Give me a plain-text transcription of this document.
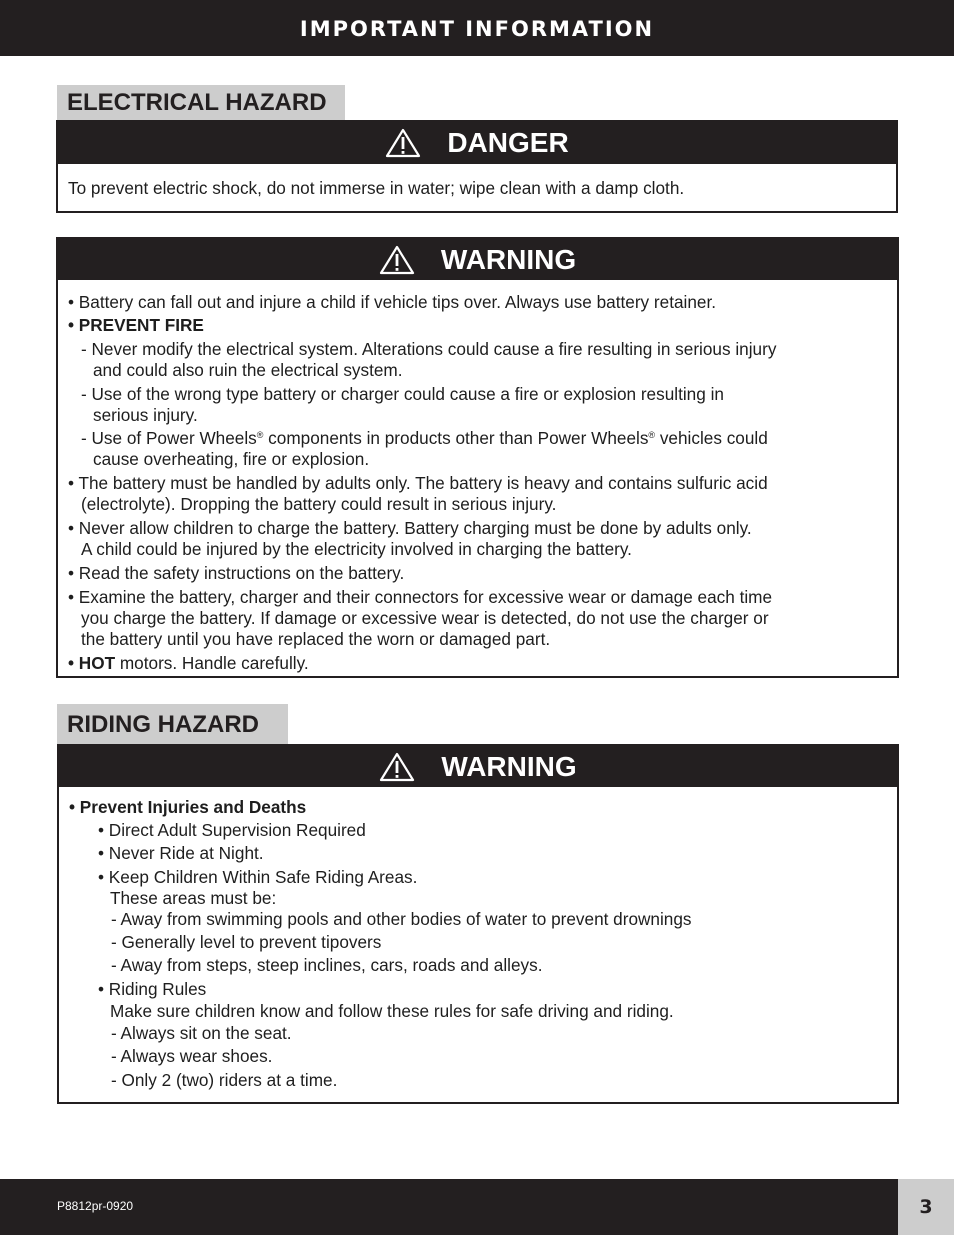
IMPORTANT INFORMATION
ELECTRICAL HAZARD
DANGER
To prevent electric shock, do not immerse in water; wipe clean with a damp cloth.
WARNING
• Battery can fall out and injure a child if vehicle tips over. Always use battery retainer.
• PREVENT FIRE
- Never modify the electrical system. Alterations could cause a fire resulting in serious injury
and could also ruin the electrical system.
- Use of the wrong type battery or charger could cause a fire or explosion resulting in
serious injury.
- Use of Power Wheels® components in products other than Power Wheels® vehicles could
cause overheating, fire or explosion.
• The battery must be handled by adults only. The battery is heavy and contains sulfuric acid
(electrolyte). Dropping the battery could result in serious injury.
• Never allow children to charge the battery. Battery charging must be done by adults only.
A child could be injured by the electricity involved in charging the battery.
• Read the safety instructions on the battery.
• Examine the battery, charger and their connectors for excessive wear or damage each time
you charge the battery. If damage or excessive wear is detected, do not use the charger or
the battery until you have replaced the worn or damaged part.
• HOT motors. Handle carefully.
RIDING HAZARD
WARNING
• Prevent Injuries and Deaths
• Direct Adult Supervision Required
• Never Ride at Night.
• Keep Children Within Safe Riding Areas.
These areas must be:
- Away from swimming pools and other bodies of water to prevent drownings
- Generally level to prevent tipovers
- Away from steps, steep inclines, cars, roads and alleys.
• Riding Rules
Make sure children know and follow these rules for safe driving and riding.
- Always sit on the seat.
- Always wear shoes.
- Only 2 (two) riders at a time.
P8812pr-0920	3
